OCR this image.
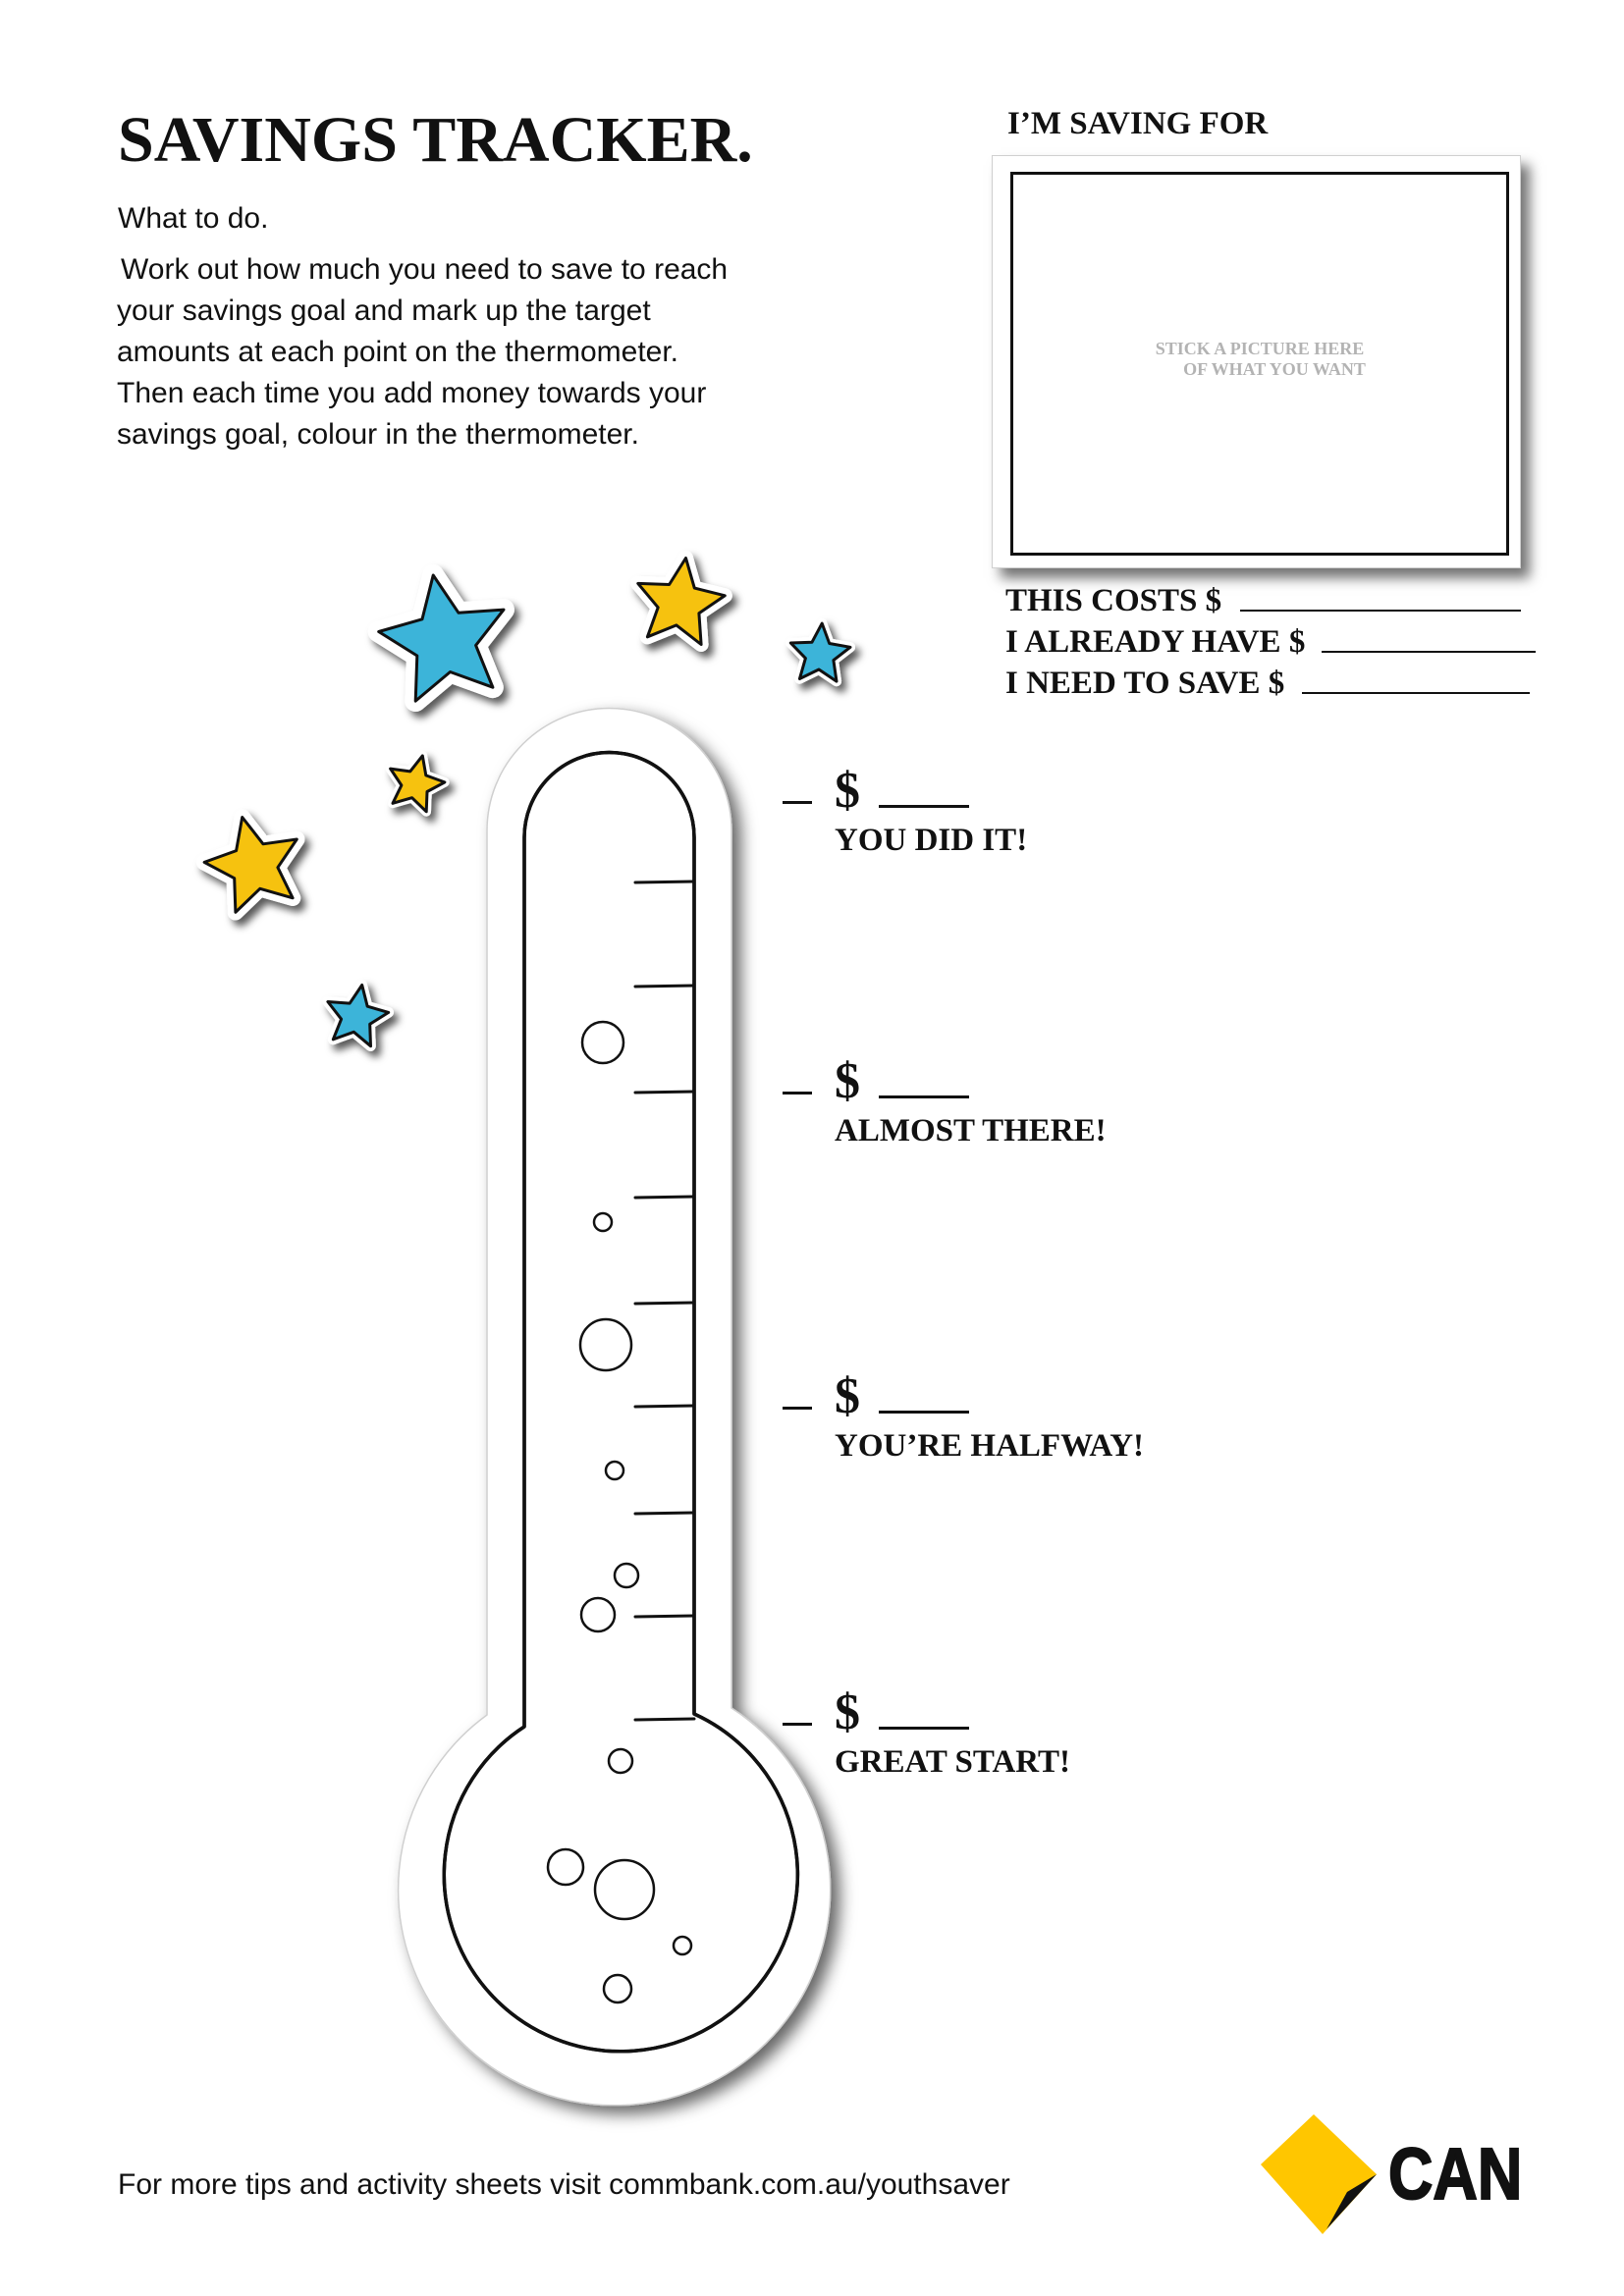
SAVINGS TRACKER.
What to do.
Work out how much you need to save to reach
your savings goal and mark up the target
amounts at each point on the thermometer.
Then each time you add money towards your
savings goal, colour in the thermometer.
I’M SAVING FOR
STICK A PICTURE HERE
OF WHAT YOU WANT
THIS COSTS $
I ALREADY HAVE $
I NEED TO SAVE $
$
YOU DID IT!
$
ALMOST THERE!
$
YOU’RE HALFWAY!
$
GREAT START!
For more tips and activity sheets visit commbank.com.au/youthsaver	CAN
